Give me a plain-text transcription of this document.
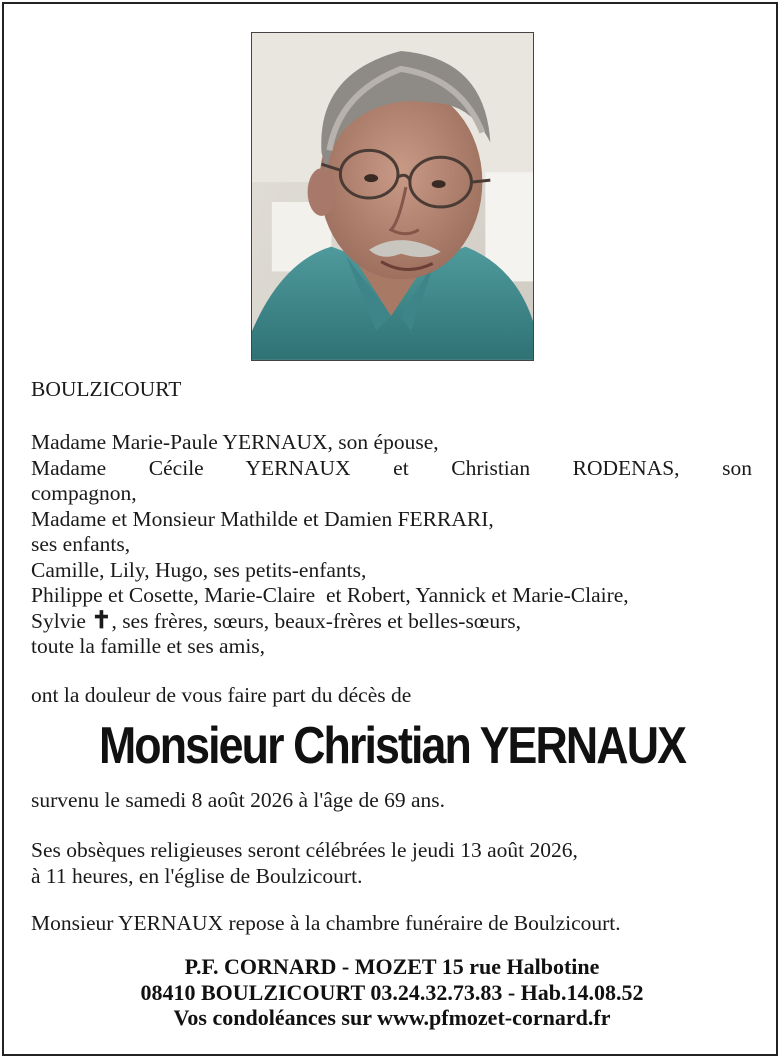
BOULZICOURT
Madame Marie-Paule YERNAUX, son épouse,
Madame Cécile YERNAUX et Christian RODENAS, son
compagnon,
Madame et Monsieur Mathilde et Damien FERRARI,
ses enfants,
Camille, Lily, Hugo, ses petits-enfants,
Philippe et Cosette, Marie-Claire  et Robert, Yannick et Marie-Claire,
Sylvie ✝, ses frères, sœurs, beaux-frères et belles-sœurs,
toute la famille et ses amis,
ont la douleur de vous faire part du décès de
Monsieur Christian YERNAUX
survenu le samedi 8 août 2026 à l'âge de 69 ans.
Ses obsèques religieuses seront célébrées le jeudi 13 août 2026,
à 11 heures, en l'église de Boulzicourt.
Monsieur YERNAUX repose à la chambre funéraire de Boulzicourt.
P.F. CORNARD - MOZET 15 rue Halbotine
08410 BOULZICOURT 03.24.32.73.83 - Hab.14.08.52
Vos condoléances sur www.pfmozet-cornard.fr
